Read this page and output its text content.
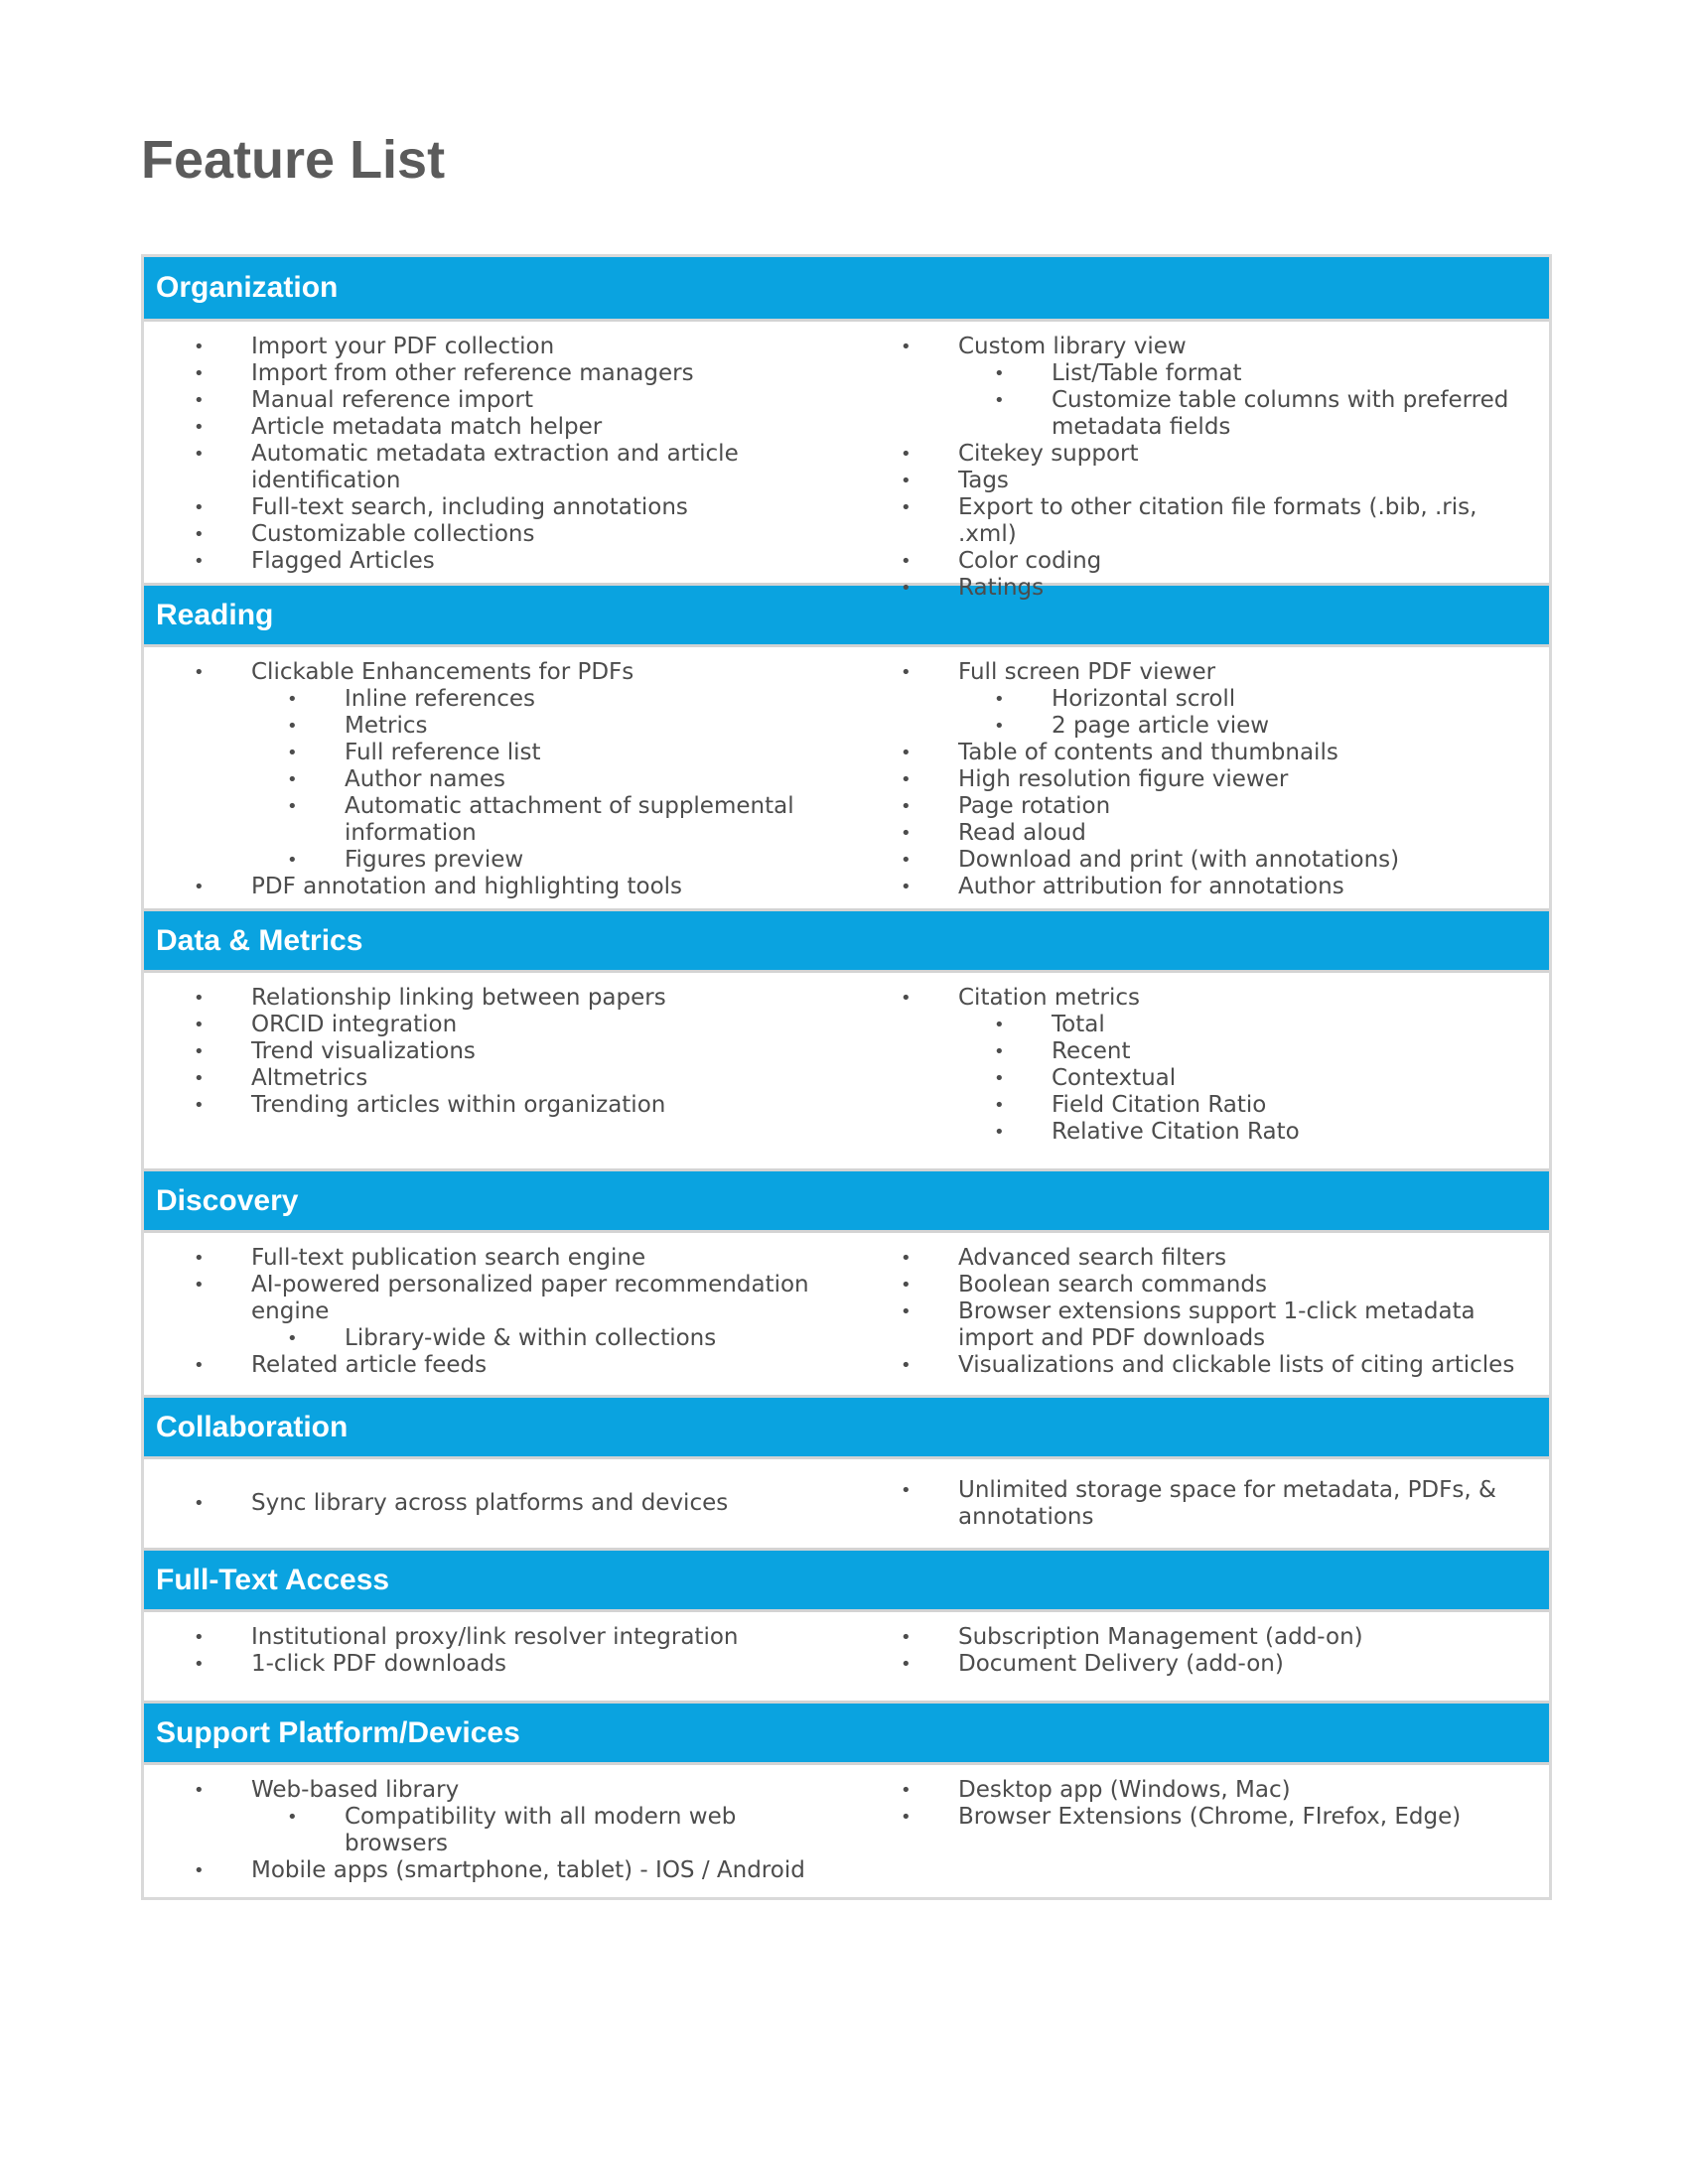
Feature List
Organization
• Import your PDF collection
• Import from other reference managers
• Manual reference import
• Article metadata match helper
• Automatic metadata extraction and article identification
• Full-text search, including annotations
• Customizable collections
• Flagged Articles
• Custom library view
• List/Table format
• Customize table columns with preferred metadata fields
• Citekey support
• Tags
• Export to other citation file formats (.bib, .ris, .xml)
• Color coding
• Ratings
Reading
• Clickable Enhancements for PDFs
• Inline references
• Metrics
• Full reference list
• Author names
• Automatic attachment of supplemental information
• Figures preview
• PDF annotation and highlighting tools
• Full screen PDF viewer
• Horizontal scroll
• 2 page article view
• Table of contents and thumbnails
• High resolution figure viewer
• Page rotation
• Read aloud
• Download and print (with annotations)
• Author attribution for annotations
Data & Metrics
• Relationship linking between papers
• ORCID integration
• Trend visualizations
• Altmetrics
• Trending articles within organization
• Citation metrics
• Total
• Recent
• Contextual
• Field Citation Ratio
• Relative Citation Rato
Discovery
• Full-text publication search engine
• AI-powered personalized paper recommendation engine
• Library-wide & within collections
• Related article feeds
• Advanced search filters
• Boolean search commands
• Browser extensions support 1-click metadata import and PDF downloads
• Visualizations and clickable lists of citing articles
Collaboration
• Sync library across platforms and devices
• Unlimited storage space for metadata, PDFs, & annotations
Full-Text Access
• Institutional proxy/link resolver integration
• 1-click PDF downloads
• Subscription Management (add-on)
• Document Delivery (add-on)
Support Platform/Devices
• Web-based library
• Compatibility with all modern web browsers
• Mobile apps (smartphone, tablet) - IOS / Android
• Desktop app (Windows, Mac)
• Browser Extensions (Chrome, FIrefox, Edge)
